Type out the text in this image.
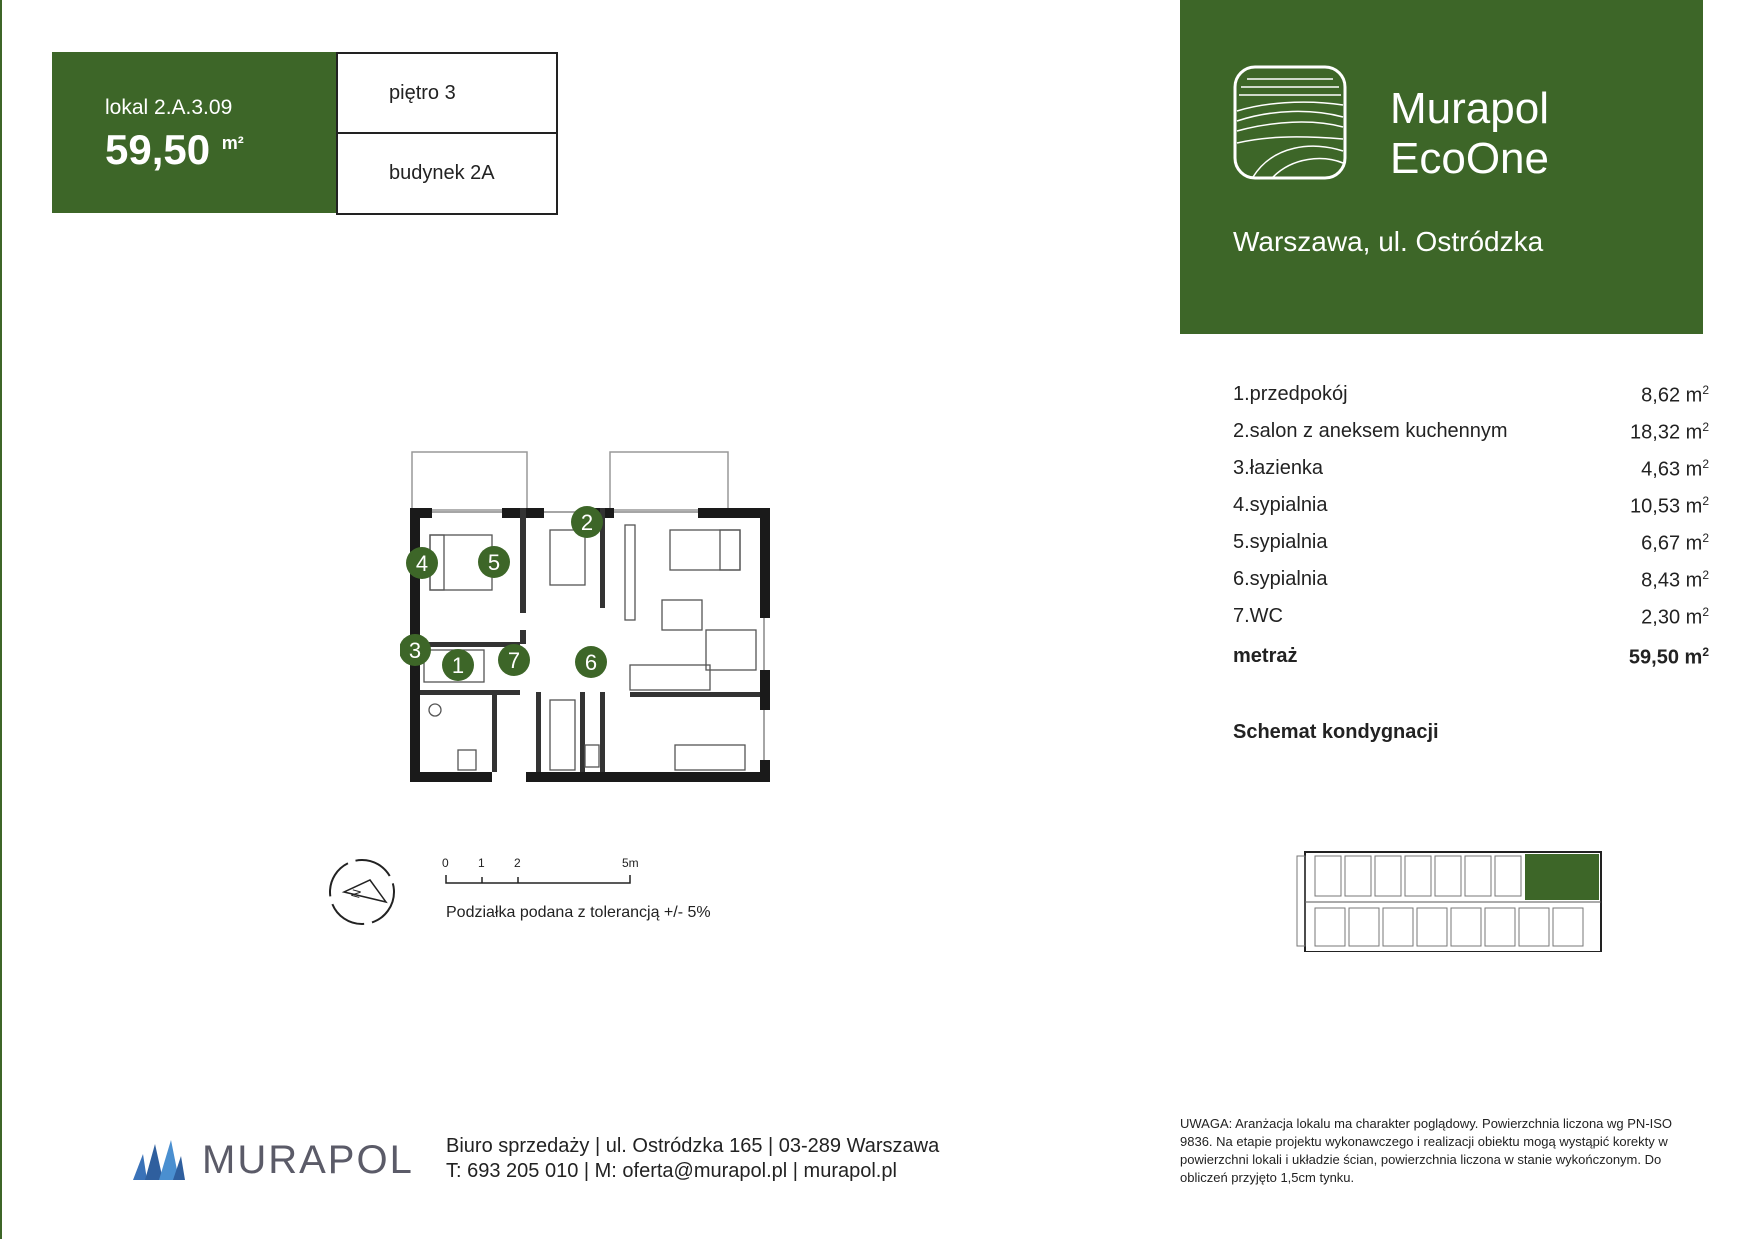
lokal 2.A.3.09
59,50 $^{m^2}$
piętro 3
budynek 2A
Murapol
EcoOne
Warszawa, ul. Ostródzka
1.przedpokój	8,62 $m^2$
2.salon z aneksem kuchennym	18,32 $m^2$
3.łazienka	4,63 $m^2$
4.sypialnia	10,53 $m^2$
5.sypialnia	6,67 $m^2$
6.sypialnia	8,43 $m^2$
7.WC	2,30 $m^2$
metraż	59,50 $m^2$
Schemat kondygnacji
1
2
3
4	5
6
7
N
0 1 2	5m
Podziałka podana z tolerancją +/- 5%
MURAPOL Biuro sprzedaży | ul. Ostródzka 165 | 03-289 Warszawa
T: 693 205 010 | M: oferta@murapol.pl | murapol.pl
UWAGA: Aranżacja lokalu ma charakter poglądowy. Powierzchnia liczona wg PN-ISO 9836. Na etapie projektu wykonawczego i realizacji obiektu mogą wystąpić korekty w powierzchni lokali i układzie ścian, powierzchnia liczona w stanie wykończonym. Do obliczeń przyjęto 1,5cm tynku.
